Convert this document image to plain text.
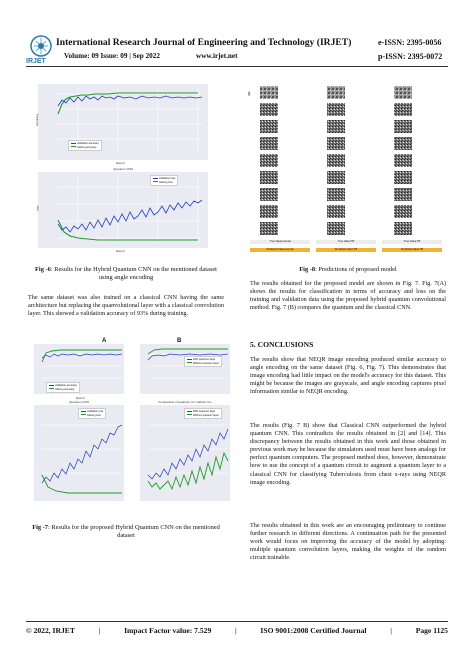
IRJET
International Research Journal of Engineering and Technology (IRJET)	e-ISSN: 2395-0056
Volume: 09 Issue: 09 | Sep 2022	www.irjet.net	p-ISSN: 2395-0072
validation accuracy
training accuracy
Accuracy
Epoch
Quantum CNN
validation loss
training loss
loss
Epoch
Fig -6: Results for the Hybrid Quantum CNN on the mentioned dataset using angle encoding
Qbit
True Value:normal
Predicted Value:normal
True Value:TB
Predicted Value:TB
True Value:TB
Predicted Value:TB
Fig -8: Predictions of proposed model
The same dataset was also trained on a classical CNN having the same architecture but replacing the quanvolutional layer with a classical convolution layer. This showed a validation accuracy of 93% during training.
A	B
validation accuracy
training accuracy
With quantum layer
Without quantum layer
Epoch
Quantum CNN	Comparison of quantum cnn without cnn
validation loss
training loss
With quantum layer
Without quantum layer
Fig -7: Results for the proposed Hybrid Quantum CNN on the mentioned dataset
The results obtained for the proposed model are shown in Fig. 7. Fig. 7(A) shows the results for classification in terms of accuracy and loss on the training and validation data using the proposed hybrid quantum convolutional method. Fig. 7 (B) compares the quantum and the classical CNN.
5. CONCLUSIONS
The results show that NEQR image encoding produced similar accuracy to angle encoding on the same dataset (Fig. 6, Fig. 7). This demonstrates that image encoding had little impact on the model's accuracy for this dataset. This might be because the images are grayscale, and angle encoding captures pixel information similar to NEQR encoding.
The results (Fig. 7 B) show that Classical CNN outperformed the hybrid quantum CNN. This contradicts the results obtained in [2] and [14]. This discrepancy between the results obtained in this work and those obtained in previous work may be because the simulators used must have been analogs for perfect quantum computers. The proposed method does, however, demonstrate how to use the concept of a quantum circuit to augment a quantum layer to a classical CNN for classifying Tuberculosis from chest x-rays using NEQR image encoding.
The results obtained in this work are an encouraging preliminary to continue further research in different directions. A continuation path for the presented work would focus on improving the accuracy of the model by adopting: multiple quantum convolution layers, making the weights of the random circuit trainable.
© 2022, IRJET	|	Impact Factor value: 7.529	|	ISO 9001:2008 Certified Journal	|	Page 1125
